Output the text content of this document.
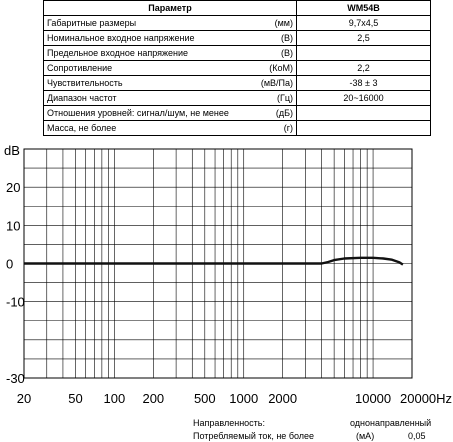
Параметр		WM54B
Габаритные размеры	(мм)	9,7x4,5
Номинальное входное напряжение	(В)	2,5
Предельное входное напряжение	(В)	
Сопротивление	(КоМ)	2,2
Чувствительность	(мВ/Па)	-38 ± 3
Диапазон частот	(Гц)	20~16000
Отношения уровней: сигнал/шум, не менее	(дБ)	
Масса, не более	(г)	
dB
20
10
0
-10
-30
20	50 100 200 500 1000 2000	10000 20000Hz
Направленность:	однонаправленный
Потребляемый ток, не более	(мА)	0,05
